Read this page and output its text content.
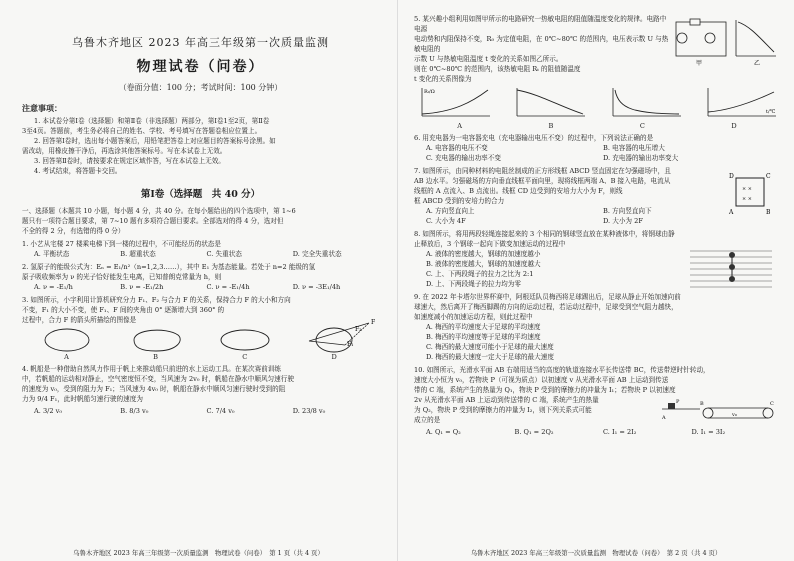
乌鲁木齐地区 2023 年高三年级第一次质量监测
物理试卷（问卷）
（卷面分值：100 分；考试时间：100 分钟）
注意事项：

1. 本试卷分第Ⅰ卷（选择题）和第Ⅱ卷（非选择题）两部分，第Ⅰ卷1至2页，第Ⅱ卷

3至4页。答题前，考生务必将自己的姓名、学校、考号填写在答题卷相应位置上。

2. 回答第Ⅰ卷时，选出每小题答案后，用铅笔把答卷上对应题目的答案标号涂黑。如

需改动，用橡皮擦干净后，再选涂其他答案标号。写在本试卷上无效。

3. 回答第Ⅱ卷时，请按要求在规定区域作答，写在本试卷上无效。

4. 考试结束，将答题卡交回。

第Ⅰ卷（选择题　共 40 分）

一、选择题（本题共 10 小题，每小题 4 分，共 40 分。在每小题给出的四个选项中，第 1~6

题只有一项符合题目要求，第 7~10 题有多项符合题目要求。全部选对的得 4 分，选对但

不全的得 2 分，有选错的得 0 分）

1. 小艺从宅楼 27 楼乘电梯下到一楼的过程中，不可能经历的状态是

A. 平衡状态	B. 超重状态	C. 失重状态	D. 完全失重状态

2. 氢原子的能级公式为：Eₙ = E₁/n²（n=1,2,3……），其中 E₁ 为基态能量。若处于 n=2 能级的氢

原子吸收频率为 ν 的光子恰好能发生电离，已知普朗克常量为 h，则

A. ν = -E₁/h	B. ν = -E₁/2h	C. ν = -E₁/4h	D. ν = -3E₁/4h

3. 如图所示，小宇利用计算机研究分力 F₁、F₂ 与合力 F 的关系，保持合力 F 的大小和方向

不变，F₁ 的大小不变，使 F₁、F 间的夹角由 0° 逐渐增大到 360° 的

过程中，合力 F 的箭头所描绘的图像是	F
F₁
F₂
A	B	C	D

4. 帆船是一种借助自然风力作用于帆上来推动船只前进的水上运动工具。在某次赛前训练

中，若帆船的运动相对静止，空气密度恒不变，当风速为 2v₀ 时，帆船在静水中顺风匀速行驶

的速度为 v₀，受到的阻力为 F₁；当风速为 4v₀ 时，帆船在静水中顺风匀速行驶时受到的阻

力为 9/4 F₁，此时帆船匀速行驶的速度为

A. 3/2 v₀	B. 8/3 v₀	C. 7/4 v₀	D. 23/8 v₀
乌鲁木齐地区 2023 年高三年级第一次质量监测　物理试卷（问卷）　第 1 页（共 4 页）

5. 某兴趣小组利用如图甲所示的电路研究一热敏电阻的阻值随温度变化的规律。电路中电源

电动势和内阻保持不变，R₀ 为定值电阻，在 0℃~80℃ 的范围内，电压表示数 U 与热敏电阻的

示数 U 与热敏电阻温度 t 变化的关系如图乙所示。

则在 0℃~80℃ 的范围内，该热敏电阻 Rₜ 的阻值随温度

t 变化的关系图像为

甲	乙
Rₜ/Ω
t/℃
A	B	C	D

6. 用充电器为一电容器充电（充电器输出电压不变）的过程中，下列说法正确的是

A. 电容器的电压不变	B. 电容器的电压增大
C. 充电器的输出功率不变	D. 充电器的输出功率变大

7. 如图所示，由同种材料的电阻丝制成的正方形线框 ABCD 竖直固定在匀强磁场中，且

AB 边水平。匀强磁场的方向垂直线框平面向里，现将线框两端 A、B 接入电路，电流从

线框的 A 点流入、B 点流出。线框 CD 边受到的安培力大小为 F，则线

框 ABCD 受到的安培力的合力

D	C
A	B
× ×
× ×
A. 方向竖直向上	B. 方向竖直向下
C. 大小为 4F	D. 大小为 2F

8. 如图所示，将用两段轻绳连接起来的 3 个相同的钢球竖直放在某种液体中，将钢球由静

止释放后，3 个钢球一起向下做变加速运动的过程中

A. 液体的密度越大，钢球的加速度越小

B. 液体的密度越大，钢球的加速度越大

C. 上、下两段绳子的拉力之比为 2:1

D. 上、下两段绳子的拉力均为零

9. 在 2022 年卡塔尔世界杯赛中，阿根廷队员梅西将足球踢出后，足球从静止开始加速向前

球速大，然后离开了梅西脚踢的方向的运动过程，若运动过程中，足球受到空气阻力越快，

如速度减小的加速运动方程，则此过程中

A. 梅西的平均速度大于足球的平均速度

B. 梅西的平均速度等于足球的平均速度

C. 梅西的最大速度可能小于足球的最大速度

D. 梅西的最大速度一定大于足球的最大速度

10. 如图所示，光滑水平面 AB 右端用适当的高度的轨道连接水平长传送带 BC，传送带逆时针转动，

速度大小恒为 v₀，若物块 P（可视为质点）以初速度 v 从光滑水平面 AB 上运动到传送

带的 C 端，系统产生的热量为 Q₁，物块 P 受到的摩擦力的冲量为 I₁；若物块 P 以初速度

2v 从光滑水平面 AB 上运动到传送带的 C 端，系统产生的热量

为 Q₂，物块 P 受到的摩擦力的冲量为 I₂，则下列关系式可能

成立的是

P
v₀
A
B	C
A. Q₁ = Q₂	B. Q₁ = 2Q₂	C. I₁ = 2I₂	D. I₁ = 3I₂
乌鲁木齐地区 2023 年高三年级第一次质量监测　物理试卷（问卷）　第 2 页（共 4 页）
